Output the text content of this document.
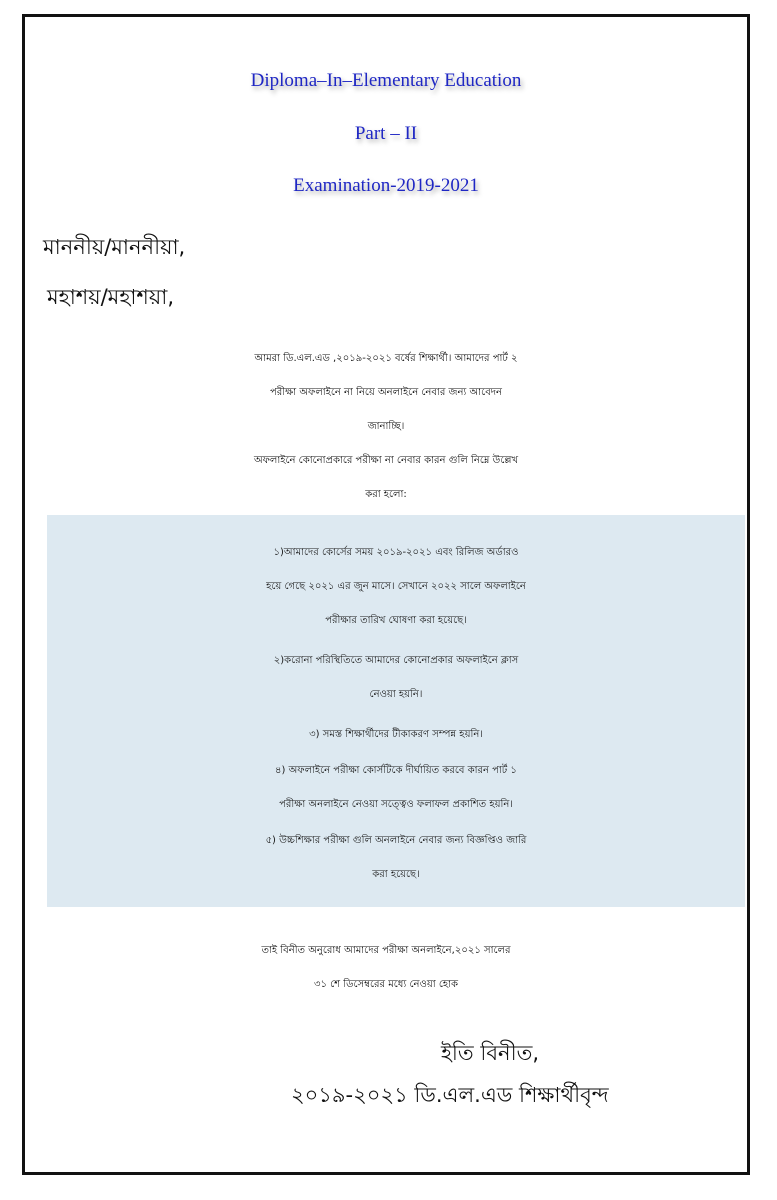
Diploma–In–Elementary Education
Part – II
Examination-2019-2021
মাননীয়/মাননীয়া,
মহাশয়/মহাশয়া,
আমরা ডি.এল.এড ,২০১৯-২০২১ বর্ষের শিক্ষার্থী। আমাদের পার্ট ২
পরীক্ষা অফলাইনে না নিয়ে অনলাইনে নেবার জন্য আবেদন
জানাচ্ছি।
অফলাইনে কোনোপ্রকারে পরীক্ষা না নেবার কারন গুলি নিম্নে উল্লেখ
করা হলো:
১)আমাদের কোর্সের সময় ২০১৯-২০২১ এবং রিলিজ অর্ডারও
হয়ে গেছে ২০২১ এর জুন মাসে। সেখানে ২০২২ সালে অফলাইনে
পরীক্ষার তারিখ ঘোষণা করা হয়েছে।
২)করোনা পরিস্থিতিতে আমাদের কোনোপ্রকার অফলাইনে ক্লাস
নেওয়া হয়নি।
৩) সমস্ত শিক্ষার্থীদের টীকাকরণ সম্পন্ন হয়নি।
৪) অফলাইনে পরীক্ষা কোর্সটিকে দীর্ঘায়িত করবে কারন পার্ট ১
পরীক্ষা অনলাইনে নেওয়া সত্ত্বেও ফলাফল প্রকাশিত হয়নি।
৫) উচ্চশিক্ষার পরীক্ষা গুলি অনলাইনে নেবার জন্য বিজ্ঞপ্তিও জারি
করা হয়েছে।
তাই বিনীত অনুরোধ আমাদের পরীক্ষা অনলাইনে,২০২১ সালের
৩১ শে ডিসেম্বরের মধ্যে নেওয়া হোক
ইতি বিনীত,
২০১৯-২০২১ ডি.এল.এড শিক্ষার্থীবৃন্দ
